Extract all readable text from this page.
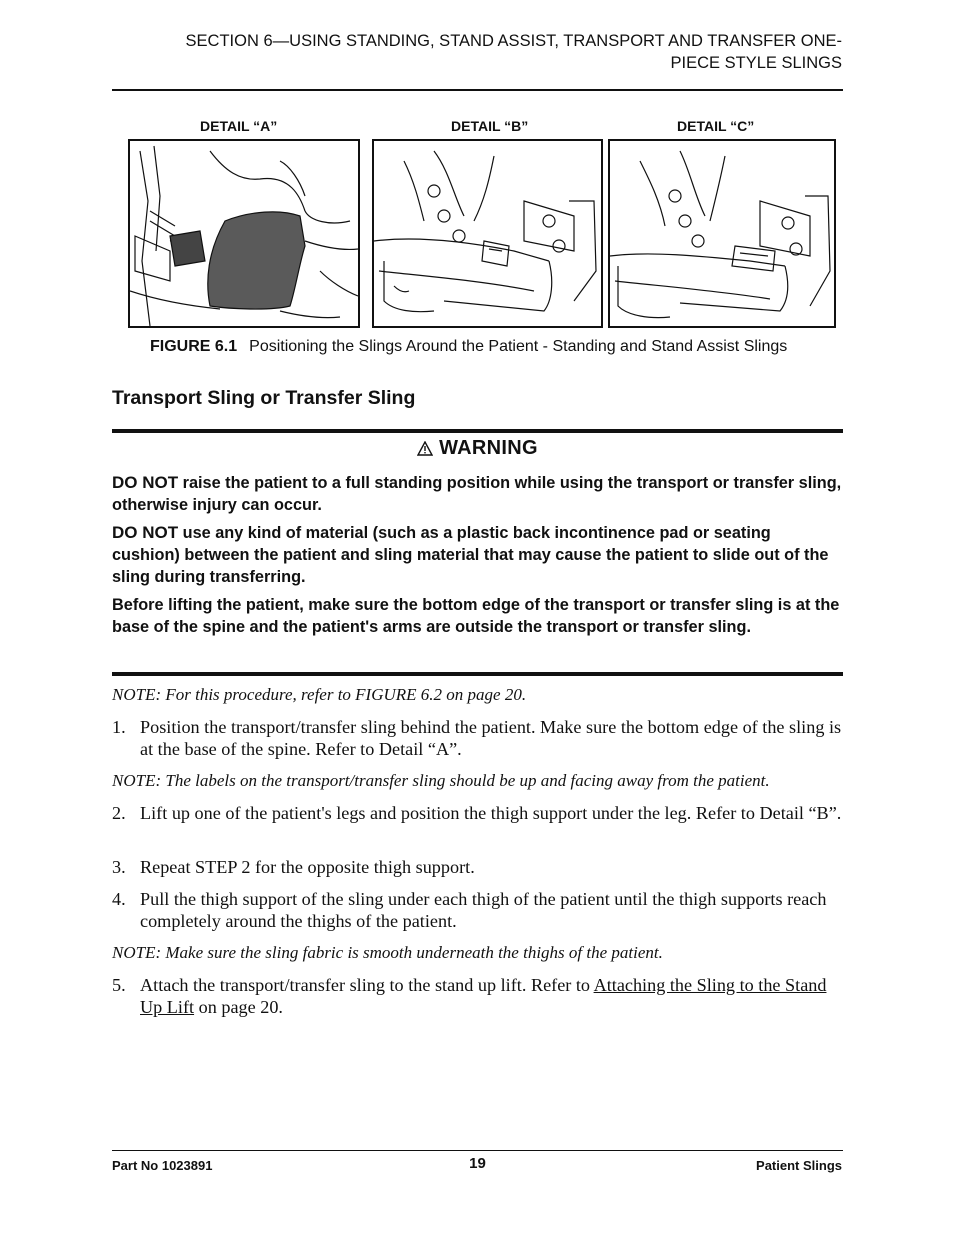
SECTION 6—USING STANDING, STAND ASSIST, TRANSPORT AND TRANSFER ONE-
PIECE STYLE SLINGS
DETAIL “A”	DETAIL “B”	DETAIL “C”
FIGURE 6.1 Positioning the Slings Around the Patient - Standing and Stand Assist Slings
Transport Sling or Transfer Sling
WARNING
DO NOT raise the patient to a full standing position while using the transport or transfer sling, otherwise injury can occur.
DO NOT use any kind of material (such as a plastic back incontinence pad or seating cushion) between the patient and sling material that may cause the patient to slide out of the sling during transferring.
Before lifting the patient, make sure the bottom edge of the transport or transfer sling is at the base of the spine and the patient's arms are outside the transport or transfer sling.
NOTE: For this procedure, refer to FIGURE 6.2 on page 20.
1. Position the transport/transfer sling behind the patient. Make sure the bottom edge of the sling is at the base of the spine. Refer to Detail “A”.
NOTE: The labels on the transport/transfer sling should be up and facing away from the patient.
2. Lift up one of the patient's legs and position the thigh support under the leg. Refer to Detail “B”.
3. Repeat STEP 2 for the opposite thigh support.
4. Pull the thigh support of the sling under each thigh of the patient until the thigh supports reach completely around the thighs of the patient.
NOTE: Make sure the sling fabric is smooth underneath the thighs of the patient.
5. Attach the transport/transfer sling to the stand up lift. Refer to Attaching the Sling to the Stand Up Lift on page 20.
Part No 1023891	19	Patient Slings
